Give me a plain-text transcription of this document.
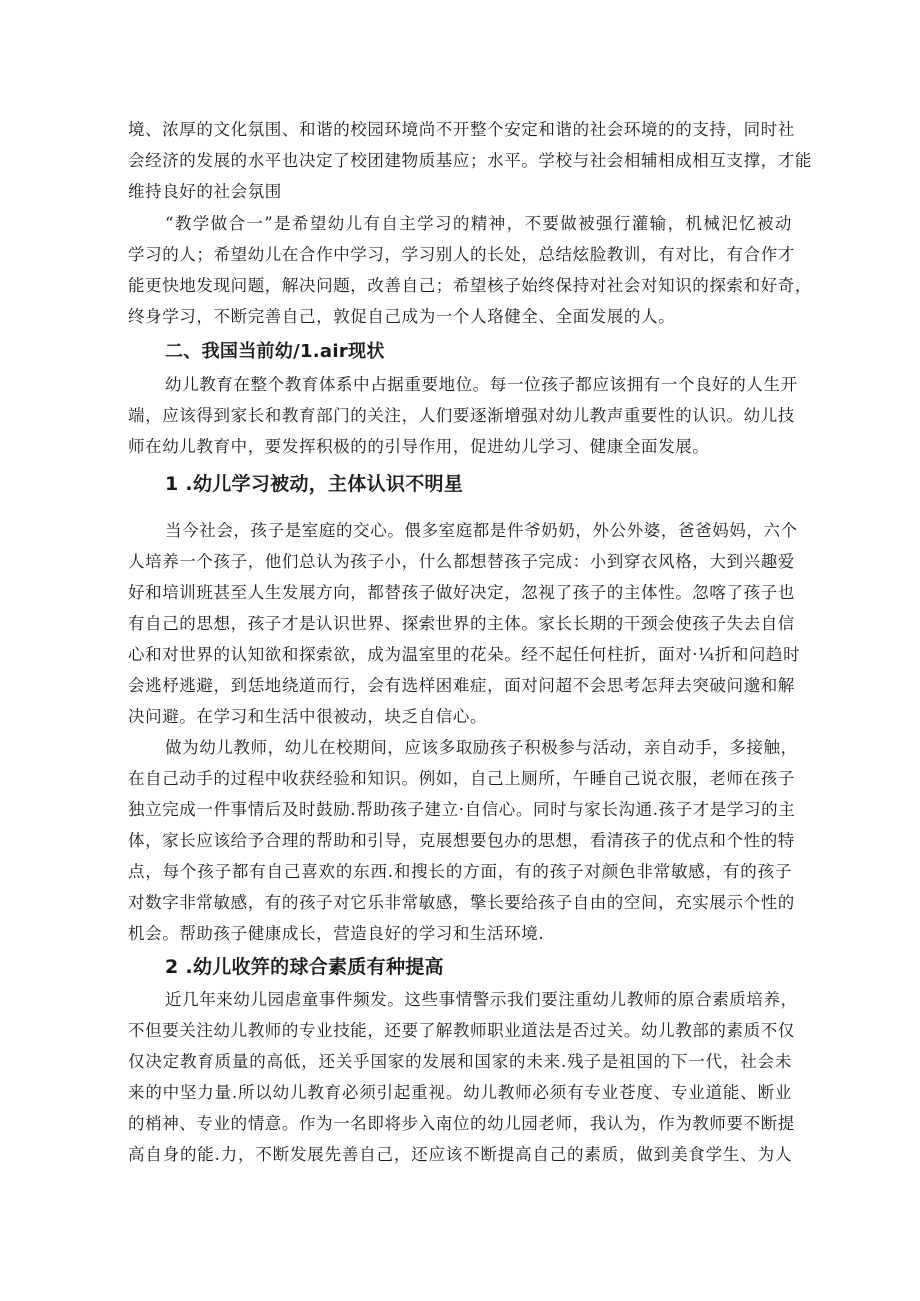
境、浓厚的文化氛围、和谐的校园环境尚不开整个安定和谐的社会环境的的支持，同时社
会经济的发展的水平也决定了校团建物质基应；水平。学校与社会相辅相成相互支撑，才能
维持良好的社会氛围
“教学做合一”是希望幼儿有自主学习的精神，不要做被强行灌输，机械汜忆被动
学习的人；希望幼儿在合作中学习，学习别人的长处，总结炫脸教训，有对比，有合作才
能更快地发现问题，解决问题，改善自己；希望核子始终保持对社会对知识的探索和好奇，
终身学习，不断完善自己，敦促自己成为一个人珞健全、全面发展的人。
二、我国当前幼/1.air现状
幼儿教育在整个教育体系中占据重要地位。每一位孩子都应该拥有一个良好的人生开
端，应该得到家长和教育部门的关注，人们要逐渐增强对幼儿教声重要性的认识。幼儿技
师在幼儿教育中，要发挥积极的的引导作用，促进幼儿学习、健康全面发展。
1 .幼儿学习被动，主体认识不明星
当今社会，孩子是室庭的交心。偎多室庭都是件爷奶奶，外公外婆，爸爸妈妈，六个
人培养一个孩子，他们总认为孩子小，什么都想替孩子完成：小到穿衣风格，大到兴趣爱
好和培训班甚至人生发展方向，都替孩子做好决定，忽视了孩子的主体性。忽喀了孩子也
有自己的思想，孩子才是认识世界、探索世界的主体。家长长期的干颈会使孩子失去自信
心和对世界的认知欲和探索欲，成为温室里的花朵。经不起任何柱折，面对·¼折和问趋时
会逃杼逃避，到恁地绕道而行，会有选样困难症，面对问超不会思考怎拜去突破问邈和解
决问避。在学习和生活中很被动，块乏自信心。
做为幼儿教师，幼儿在校期间，应该多取励孩子积极参与活动，亲自动手，多接触，
在自己动手的过程中收获经验和知识。例如，自己上厕所，午睡自己说衣服，老师在孩子
独立完成一件事情后及时鼓励.帮助孩子建立·自信心。同时与家长沟通.孩子才是学习的主
体，家长应该给予合理的帮助和引导，克展想要包办的思想，看清孩子的优点和个性的特
点，每个孩子都有自己喜欢的东西.和搜长的方面，有的孩子对颜色非常敏感，有的孩子
对数字非常敏感，有的孩子对它乐非常敏感，擎长要给孩子自由的空间，充实展示个性的
机会。帮助孩子健康成长，营造良好的学习和生活环境.
2 .幼儿收笄的球合素质有种提高
近几年来幼儿园虐童事件频发。这些事情警示我们要注重幼儿教师的原合素质培养，
不但要关注幼儿教师的专业技能，还要了解教师职业道法是否过关。幼儿教部的素质不仅
仅决定教育质量的高低，还关乎国家的发展和国家的未来.残子是祖国的下一代，社会未
来的中坚力量.所以幼儿教育必须引起重视。幼儿教师必须有专业苍度、专业道能、断业
的梢神、专业的情意。作为一名即将步入南位的幼儿园老师，我认为，作为教师要不断提
高自身的能.力，不断发展先善自己，还应该不断提高自己的素质，做到美食学生、为人
